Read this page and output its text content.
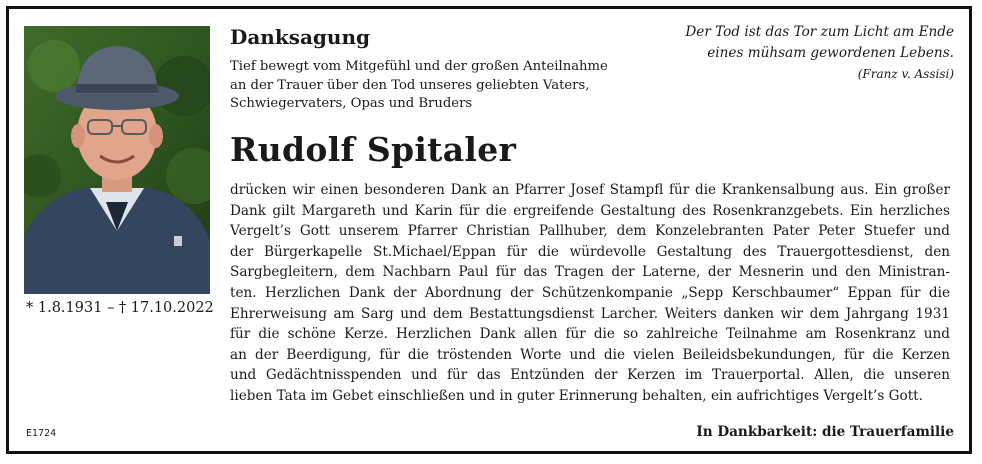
* 1.8.1931 – † 17.10.2022
Danksagung
Tief bewegt vom Mitgefühl und der großen Anteilnahme
an der Trauer über den Tod unseres geliebten Vaters,
Schwiegervaters, Opas und Bruders
Der Tod ist das Tor zum Licht am Ende
eines mühsam gewordenen Lebens.
(Franz v. Assisi)
Rudolf Spitaler
drücken wir einen besonderen Dank an Pfarrer Josef Stampfl für die Krankensalbung aus. Ein großer
Dank gilt Margareth und Karin für die ergreifende Gestaltung des Rosenkranzgebets. Ein herzliches
Vergelt’s Gott unserem Pfarrer Christian Pallhuber, dem Konzelebranten Pater Peter Stuefer und
der Bürgerkapelle St.Michael/Eppan für die würdevolle Gestaltung des Trauergottesdienst, den
Sargbegleitern, dem Nachbarn Paul für das Tragen der Laterne, der Mesnerin und den Ministran-
ten. Herzlichen Dank der Abordnung der Schützenkompanie „Sepp Kerschbaumer“ Eppan für die
Ehrerweisung am Sarg und dem Bestattungsdienst Larcher. Weiters danken wir dem Jahrgang 1931
für die schöne Kerze. Herzlichen Dank allen für die so zahlreiche Teilnahme am Rosenkranz und
an der Beerdigung, für die tröstenden Worte und die vielen Beileidsbekundungen, für die Kerzen
und Gedächtnisspenden und für das Entzünden der Kerzen im Trauerportal. Allen, die unseren
lieben Tata im Gebet einschließen und in guter Erinnerung behalten, ein aufrichtiges Vergelt’s Gott.
E1724	In Dankbarkeit: die Trauerfamilie
